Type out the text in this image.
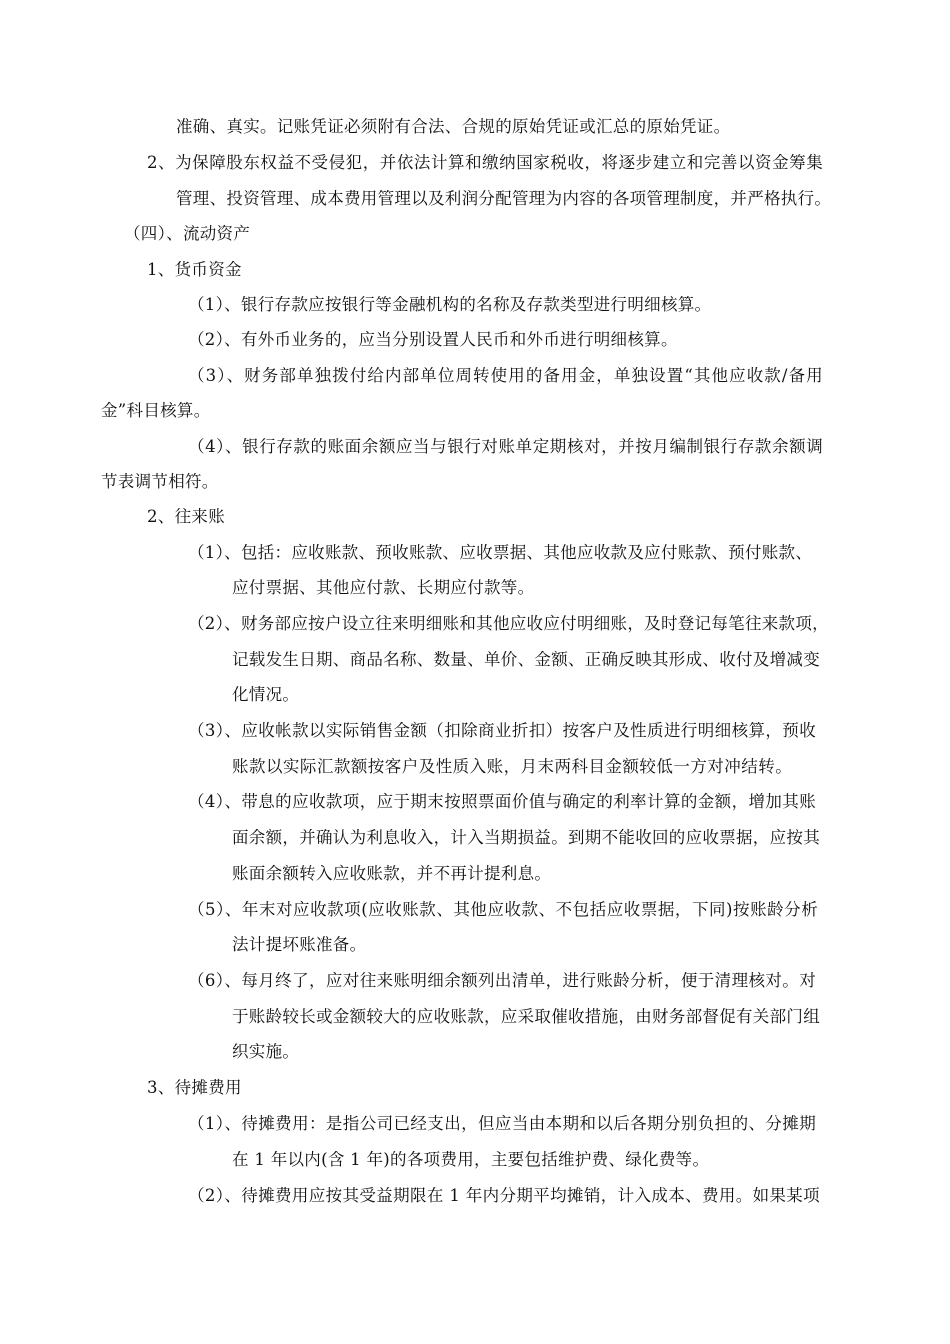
准确、真实。记账凭证必须附有合法、合规的原始凭证或汇总的原始凭证。
2、为保障股东权益不受侵犯，并依法计算和缴纳国家税收，将逐步建立和完善以资金筹集
管理、投资管理、成本费用管理以及利润分配管理为内容的各项管理制度，并严格执行。
（四）、流动资产
1、货币资金
（1）、银行存款应按银行等金融机构的名称及存款类型进行明细核算。
（2）、有外币业务的，应当分别设置人民币和外币进行明细核算。
（3）、财务部单独拨付给内部单位周转使用的备用金，单独设置“其他应收款/备用
金”科目核算。
（4）、银行存款的账面余额应当与银行对账单定期核对，并按月编制银行存款余额调
节表调节相符。
2、往来账
（1）、包括：应收账款、预收账款、应收票据、其他应收款及应付账款、预付账款、
应付票据、其他应付款、长期应付款等。
（2）、财务部应按户设立往来明细账和其他应收应付明细账，及时登记每笔往来款项，
记载发生日期、商品名称、数量、单价、金额、正确反映其形成、收付及增减变
化情况。
（3）、应收帐款以实际销售金额（扣除商业折扣）按客户及性质进行明细核算，预收
账款以实际汇款额按客户及性质入账，月末两科目金额较低一方对冲结转。
（4）、带息的应收款项，应于期末按照票面价值与确定的利率计算的金额，增加其账
面余额，并确认为利息收入，计入当期损益。到期不能收回的应收票据，应按其
账面余额转入应收账款，并不再计提利息。
（5）、年末对应收款项(应收账款、其他应收款、不包括应收票据，下同)按账龄分析
法计提坏账准备。
（6）、每月终了，应对往来账明细余额列出清单，进行账龄分析，便于清理核对。对
于账龄较长或金额较大的应收账款，应采取催收措施，由财务部督促有关部门组
织实施。
3、待摊费用
（1）、待摊费用：是指公司已经支出，但应当由本期和以后各期分别负担的、分摊期
在 1 年以内(含 1 年)的各项费用，主要包括维护费、绿化费等。
（2）、待摊费用应按其受益期限在 1 年内分期平均摊销，计入成本、费用。如果某项
